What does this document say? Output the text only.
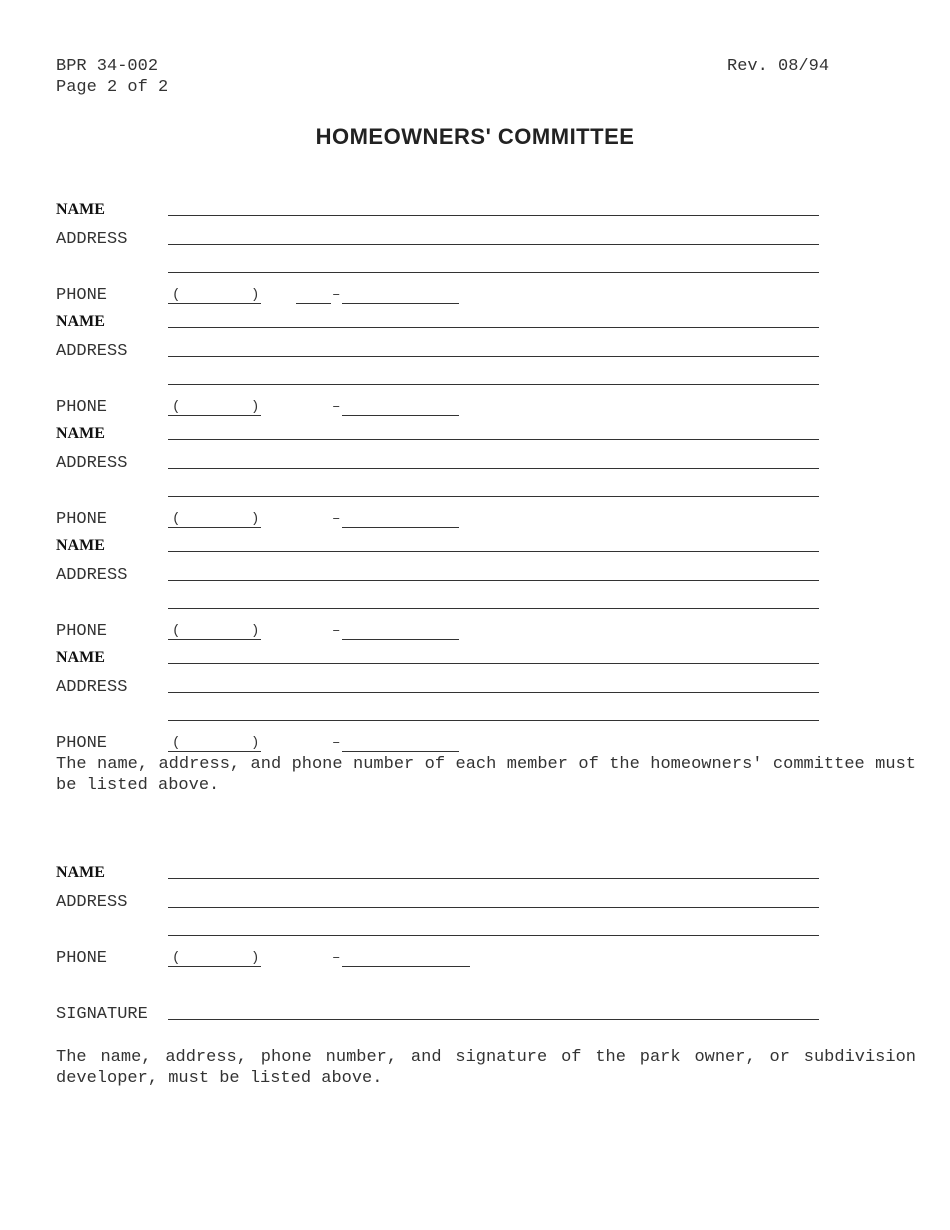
BPR 34-002
Page 2 of 2
Rev. 08/94
HOMEOWNERS' COMMITTEE
NAME
ADDRESS
PHONE	(	)	–
NAME
ADDRESS
PHONE	(	)	–
NAME
ADDRESS
PHONE	(	)	–
NAME
ADDRESS
PHONE	(	)	–
NAME
ADDRESS
PHONE	(	)	–
The name, address, and phone number of each member of the homeowners' committee must be listed above.
NAME
ADDRESS
PHONE	(	)	–
SIGNATURE
The name, address, phone number, and signature of the park owner, or subdivision developer, must be listed above.
